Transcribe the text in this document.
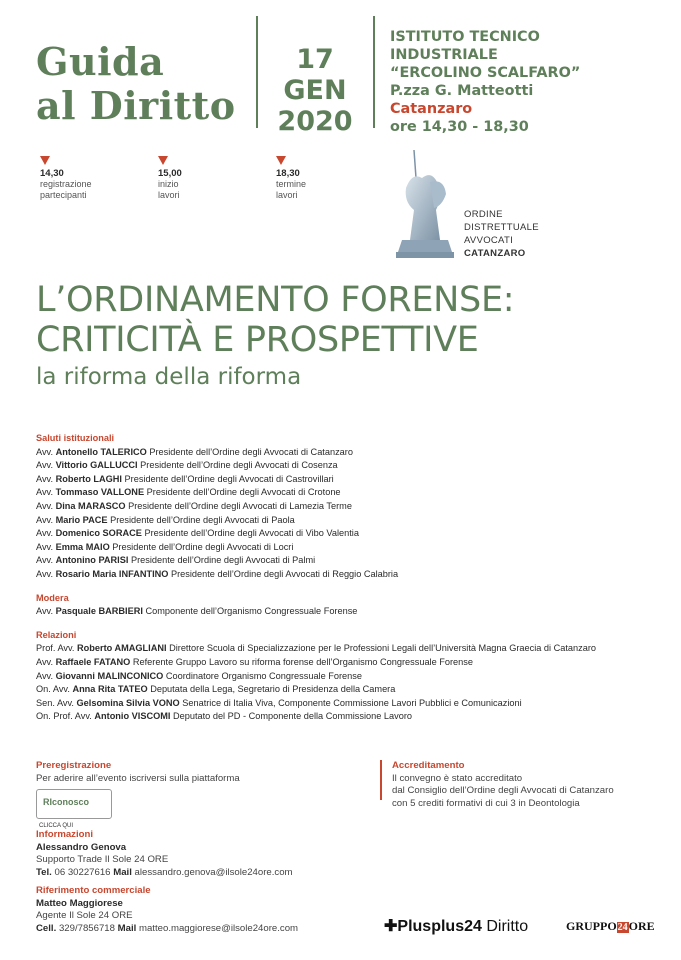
Guida
al Diritto
17
GEN
2020
ISTITUTO TECNICO
INDUSTRIALE
“ERCOLINO SCALFARO”
P.zza G. Matteotti
Catanzaro
ore 14,30 - 18,30
14,30
registrazione
partecipanti
15,00
inizio
lavori
18,30
termine
lavori
ORDINE
DISTRETTUALE
AVVOCATI
CATANZARO
L’ORDINAMENTO FORENSE:
CRITICITÀ E PROSPETTIVE
la riforma della riforma
Saluti istituzionali
Avv. Antonello TALERICO Presidente dell’Ordine degli Avvocati di Catanzaro
Avv. Vittorio GALLUCCI Presidente dell’Ordine degli Avvocati di Cosenza
Avv. Roberto LAGHI Presidente dell’Ordine degli Avvocati di Castrovillari
Avv. Tommaso VALLONE Presidente dell’Ordine degli Avvocati di Crotone
Avv. Dina MARASCO Presidente dell’Ordine degli Avvocati di Lamezia Terme
Avv. Mario PACE Presidente dell’Ordine degli Avvocati di Paola
Avv. Domenico SORACE Presidente dell’Ordine degli Avvocati di Vibo Valentia
Avv. Emma MAIO Presidente dell’Ordine degli Avvocati di Locri
Avv. Antonino PARISI Presidente dell’Ordine degli Avvocati di Palmi
Avv. Rosario Maria INFANTINO Presidente dell’Ordine degli Avvocati di Reggio Calabria
Modera
Avv. Pasquale BARBIERI Componente dell’Organismo Congressuale Forense
Relazioni
Prof. Avv. Roberto AMAGLIANI Direttore Scuola di Specializzazione per le Professioni Legali dell’Università Magna Graecia di Catanzaro
Avv. Raffaele FATANO Referente Gruppo Lavoro su riforma forense dell’Organismo Congressuale Forense
Avv. Giovanni MALINCONICO Coordinatore Organismo Congressuale Forense
On. Avv. Anna Rita TATEO Deputata della Lega, Segretario di Presidenza della Camera
Sen. Avv. Gelsomina Silvia VONO Senatrice di Italia Viva, Componente Commissione Lavori Pubblici e Comunicazioni
On. Prof. Avv. Antonio VISCOMI Deputato del PD - Componente della Commissione Lavoro
Preregistrazione
Per aderire all’evento iscriversi sulla piattaforma
RIconosco
CLICCA QUI
Informazioni
Alessandro Genova
Supporto Trade Il Sole 24 ORE
Tel. 06 30227616 Mail alessandro.genova@ilsole24ore.com
Riferimento commerciale
Matteo Maggiorese
Agente Il Sole 24 ORE
Cell. 329/7856718 Mail matteo.maggiorese@ilsole24ore.com
Accreditamento
Il convegno è stato accreditato
dal Consiglio dell’Ordine degli Avvocati di Catanzaro
con 5 crediti formativi di cui 3 in Deontologia
✚Plusplus24 Diritto	GRUPPO24ORE
